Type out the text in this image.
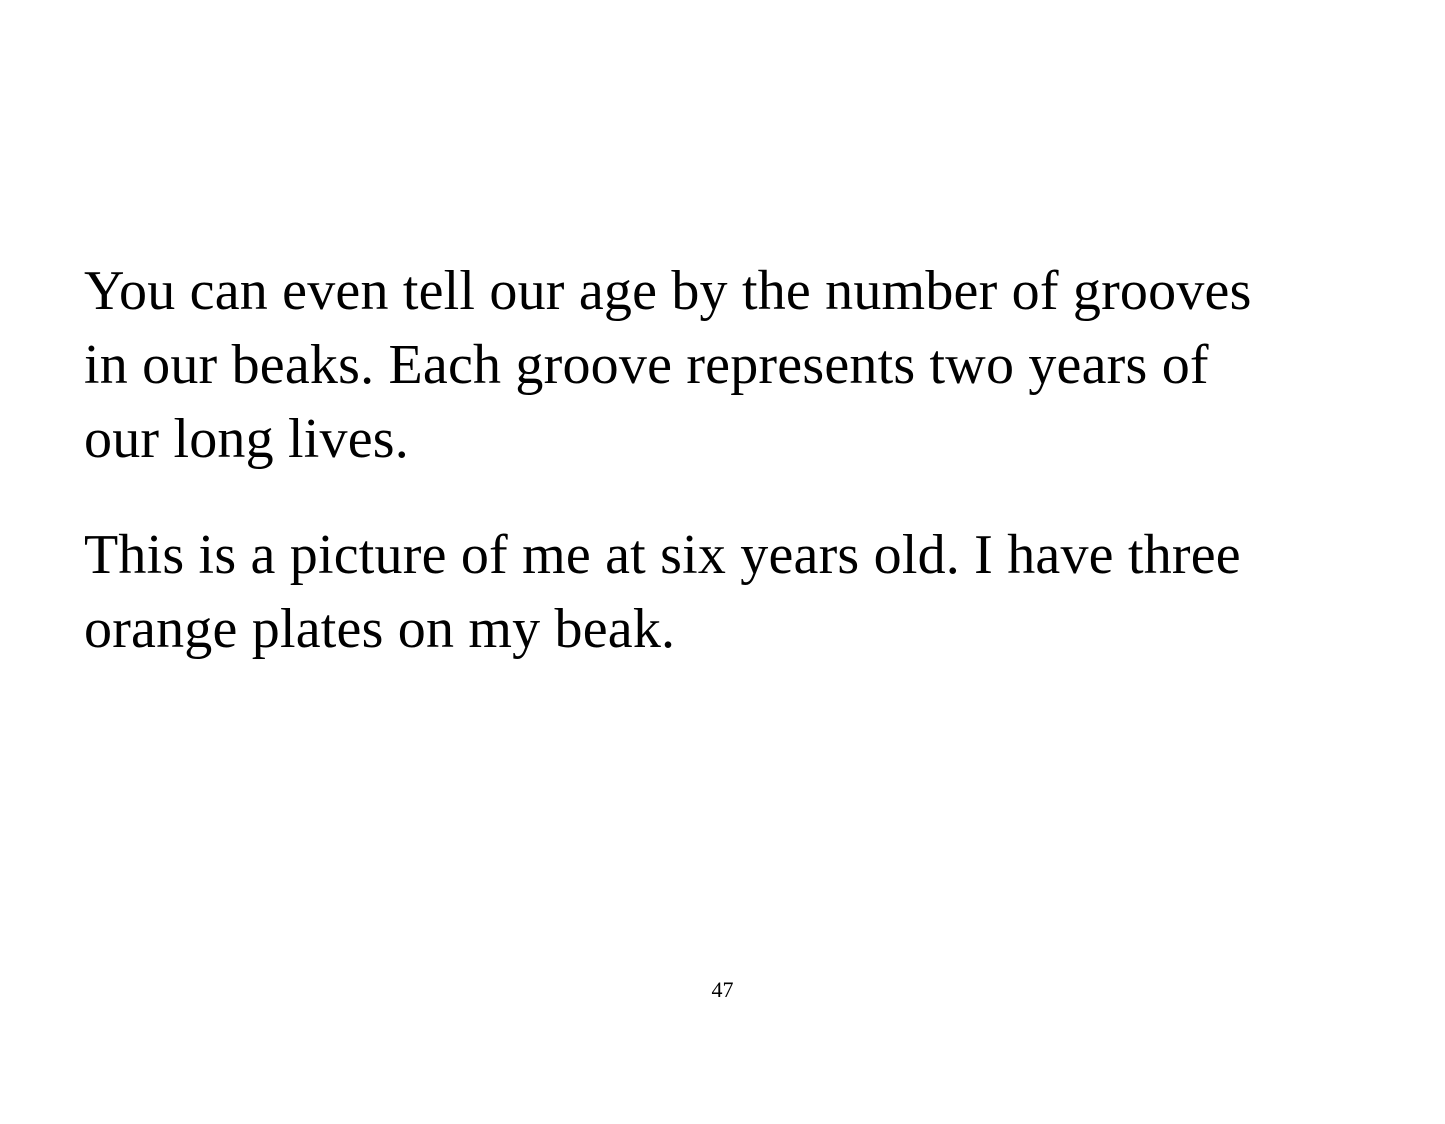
You can even tell our age by the number of grooves in our beaks. Each groove represents two years of our long lives.

This is a picture of me at six years old. I have three orange plates on my beak.

47
